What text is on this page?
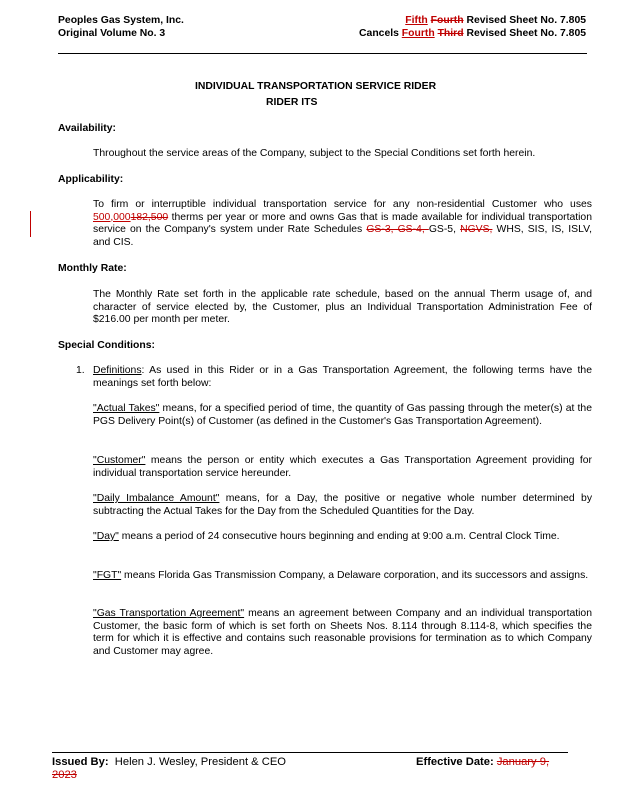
Peoples Gas System, Inc.
Original Volume No. 3
Fifth Fourth Revised Sheet No. 7.805
Cancels Fourth Third Revised Sheet No. 7.805
INDIVIDUAL TRANSPORTATION SERVICE RIDER
RIDER ITS
Availability:
Throughout the service areas of the Company, subject to the Special Conditions set forth herein.
Applicability:
To firm or interruptible individual transportation service for any non-residential Customer who uses 500,000182,500 therms per year or more and owns Gas that is made available for individual transportation service on the Company's system under Rate Schedules GS-3, GS-4, GS-5, NGVS, WHS, SIS, IS, ISLV, and CIS.
Monthly Rate:
The Monthly Rate set forth in the applicable rate schedule, based on the annual Therm usage of, and character of service elected by, the Customer, plus an Individual Transportation Administration Fee of $216.00 per month per meter.
Special Conditions:
1. Definitions: As used in this Rider or in a Gas Transportation Agreement, the following terms have the meanings set forth below:
"Actual Takes" means, for a specified period of time, the quantity of Gas passing through the meter(s) at the PGS Delivery Point(s) of Customer (as defined in the Customer's Gas Transportation Agreement).
"Customer" means the person or entity which executes a Gas Transportation Agreement providing for individual transportation service hereunder.
"Daily Imbalance Amount" means, for a Day, the positive or negative whole number determined by subtracting the Actual Takes for the Day from the Scheduled Quantities for the Day.
"Day" means a period of 24 consecutive hours beginning and ending at 9:00 a.m. Central Clock Time.
"FGT" means Florida Gas Transmission Company, a Delaware corporation, and its successors and assigns.
"Gas Transportation Agreement" means an agreement between Company and an individual transportation Customer, the basic form of which is set forth on Sheets Nos. 8.114 through 8.114-8, which specifies the term for which it is effective and contains such reasonable provisions for termination as to which Company and Customer may agree.
Issued By: Helen J. Wesley, President & CEO
2023
Effective Date: January 9,
